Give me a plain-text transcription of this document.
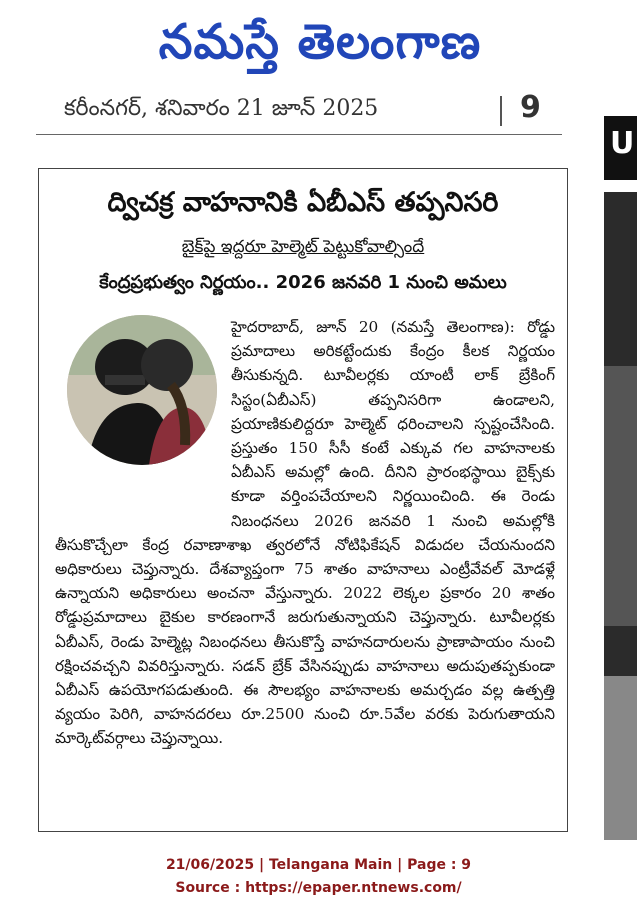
నమస్తే తెలంగాణ
కరీంనగర్, శనివారం 21 జూన్ 2025	9
U
ద్విచక్ర వాహనానికి ఏబీఎస్ తప్పనిసరి
బైక్‌పై ఇద్దరూ హెల్మెట్ పెట్టుకోవాల్సిందే
కేంద్రప్రభుత్వం నిర్ణయం.. 2026 జనవరి 1 నుంచి అమలు
హైదరాబాద్, జూన్ 20 (నమస్తే తెలంగాణ): రోడ్డు ప్రమాదాలు అరికట్టేందుకు కేంద్రం కీలక నిర్ణయం తీసుకున్నది. టూవీలర్లకు యాంటీ లాక్ బ్రేకింగ్ సిస్టం(ఏబీఎస్) తప్పనిసరిగా ఉండాలని, ప్రయాణికులిద్దరూ హెల్మెట్ ధరించాలని స్పష్టంచేసింది. ప్రస్తుతం 150 సీసీ కంటే ఎక్కువ గల వాహనాలకు ఏబీఎస్ అమల్లో ఉంది. దీనిని ప్రారంభస్థాయి బైక్స్‌కు కూడా వర్తింపచేయాలని నిర్ణయించింది. ఈ రెండు నిబంధనలు 2026 జనవరి 1 నుంచి అమల్లోకి తీసుకొచ్చేలా కేంద్ర రవాణాశాఖ త్వరలోనే నోటిఫికేషన్ విడుదల చేయనుందని అధికారులు చెప్తున్నారు. దేశవ్యాప్తంగా 75 శాతం వాహనాలు ఎంట్రీవేవల్ మోడళ్లే ఉన్నాయని అధికారులు అంచనా వేస్తున్నారు. 2022 లెక్కల ప్రకారం 20 శాతం రోడ్డుప్రమాదాలు బైకుల కారణంగానే జరుగుతున్నాయని చెప్తున్నారు. టూవీలర్లకు ఏబీఎస్, రెండు హెల్మెట్ల నిబంధనలు తీసుకొస్తే వాహనదారులను ప్రాణాపాయం నుంచి రక్షించవచ్చని వివరిస్తున్నారు. సడన్ బ్రేక్ వేసినప్పుడు వాహనాలు అదుపుతప్పకుండా ఏబీఎస్ ఉపయోగపడుతుంది. ఈ సౌలభ్యం వాహనాలకు అమర్చడం వల్ల ఉత్పత్తి వ్యయం పెరిగి, వాహనదరలు రూ.2500 నుంచి రూ.5వేల వరకు పెరుగుతాయని మార్కెట్‌వర్గాలు చెప్తున్నాయి.
21/06/2025 | Telangana Main | Page : 9
Source : https://epaper.ntnews.com/
